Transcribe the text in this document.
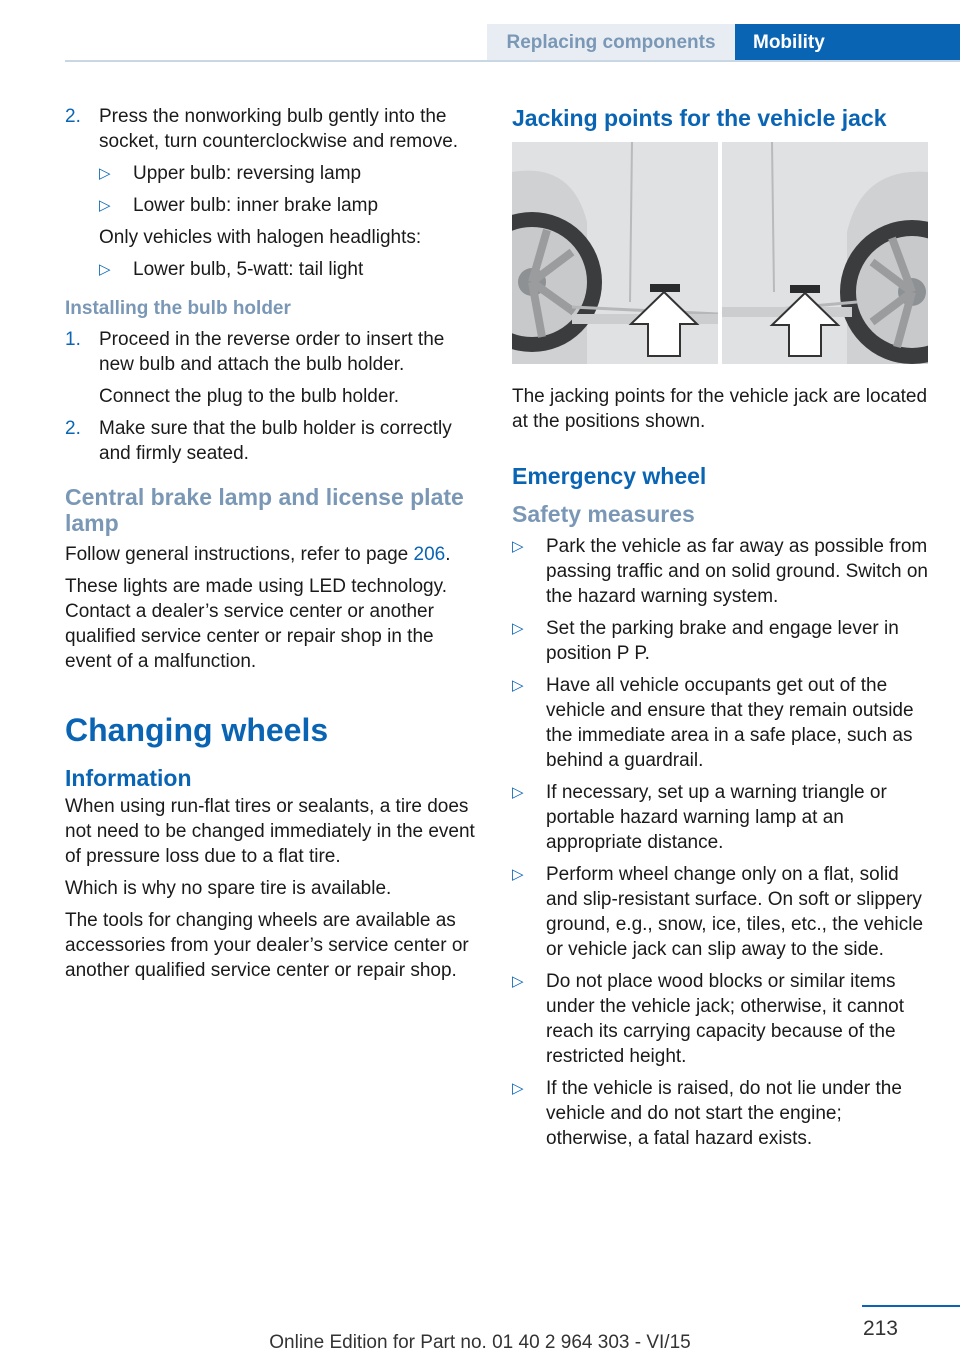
Replacing components	Mobility
2. Press the nonworking bulb gently into the socket, turn counterclockwise and remove.
▷ Upper bulb: reversing lamp
▷ Lower bulb: inner brake lamp
Only vehicles with halogen headlights:
▷ Lower bulb, 5-watt: tail light
Installing the bulb holder
1. Proceed in the reverse order to insert the new bulb and attach the bulb holder.
Connect the plug to the bulb holder.
2. Make sure that the bulb holder is correctly and firmly seated.
Central brake lamp and license plate lamp
Follow general instructions, refer to page 206.
These lights are made using LED technology. Contact a dealer’s service center or another qualified service center or repair shop in the event of a malfunction.
Changing wheels
Information
When using run-flat tires or sealants, a tire does not need to be changed immediately in the event of pressure loss due to a flat tire.
Which is why no spare tire is available.
The tools for changing wheels are available as accessories from your dealer’s service center or another qualified service center or repair shop.
Jacking points for the vehicle jack
The jacking points for the vehicle jack are located at the positions shown.
Emergency wheel
Safety measures
▷ Park the vehicle as far away as possible from passing traffic and on solid ground. Switch on the hazard warning system.
▷ Set the parking brake and engage lever in position P P.
▷ Have all vehicle occupants get out of the vehicle and ensure that they remain outside the immediate area in a safe place, such as behind a guardrail.
▷ If necessary, set up a warning triangle or portable hazard warning lamp at an appropriate distance.
▷ Perform wheel change only on a flat, solid and slip-resistant surface. On soft or slippery ground, e.g., snow, ice, tiles, etc., the vehicle or vehicle jack can slip away to the side.
▷ Do not place wood blocks or similar items under the vehicle jack; otherwise, it cannot reach its carrying capacity because of the restricted height.
▷ If the vehicle is raised, do not lie under the vehicle and do not start the engine; otherwise, a fatal hazard exists.
213
Online Edition for Part no. 01 40 2 964 303 - VI/15
